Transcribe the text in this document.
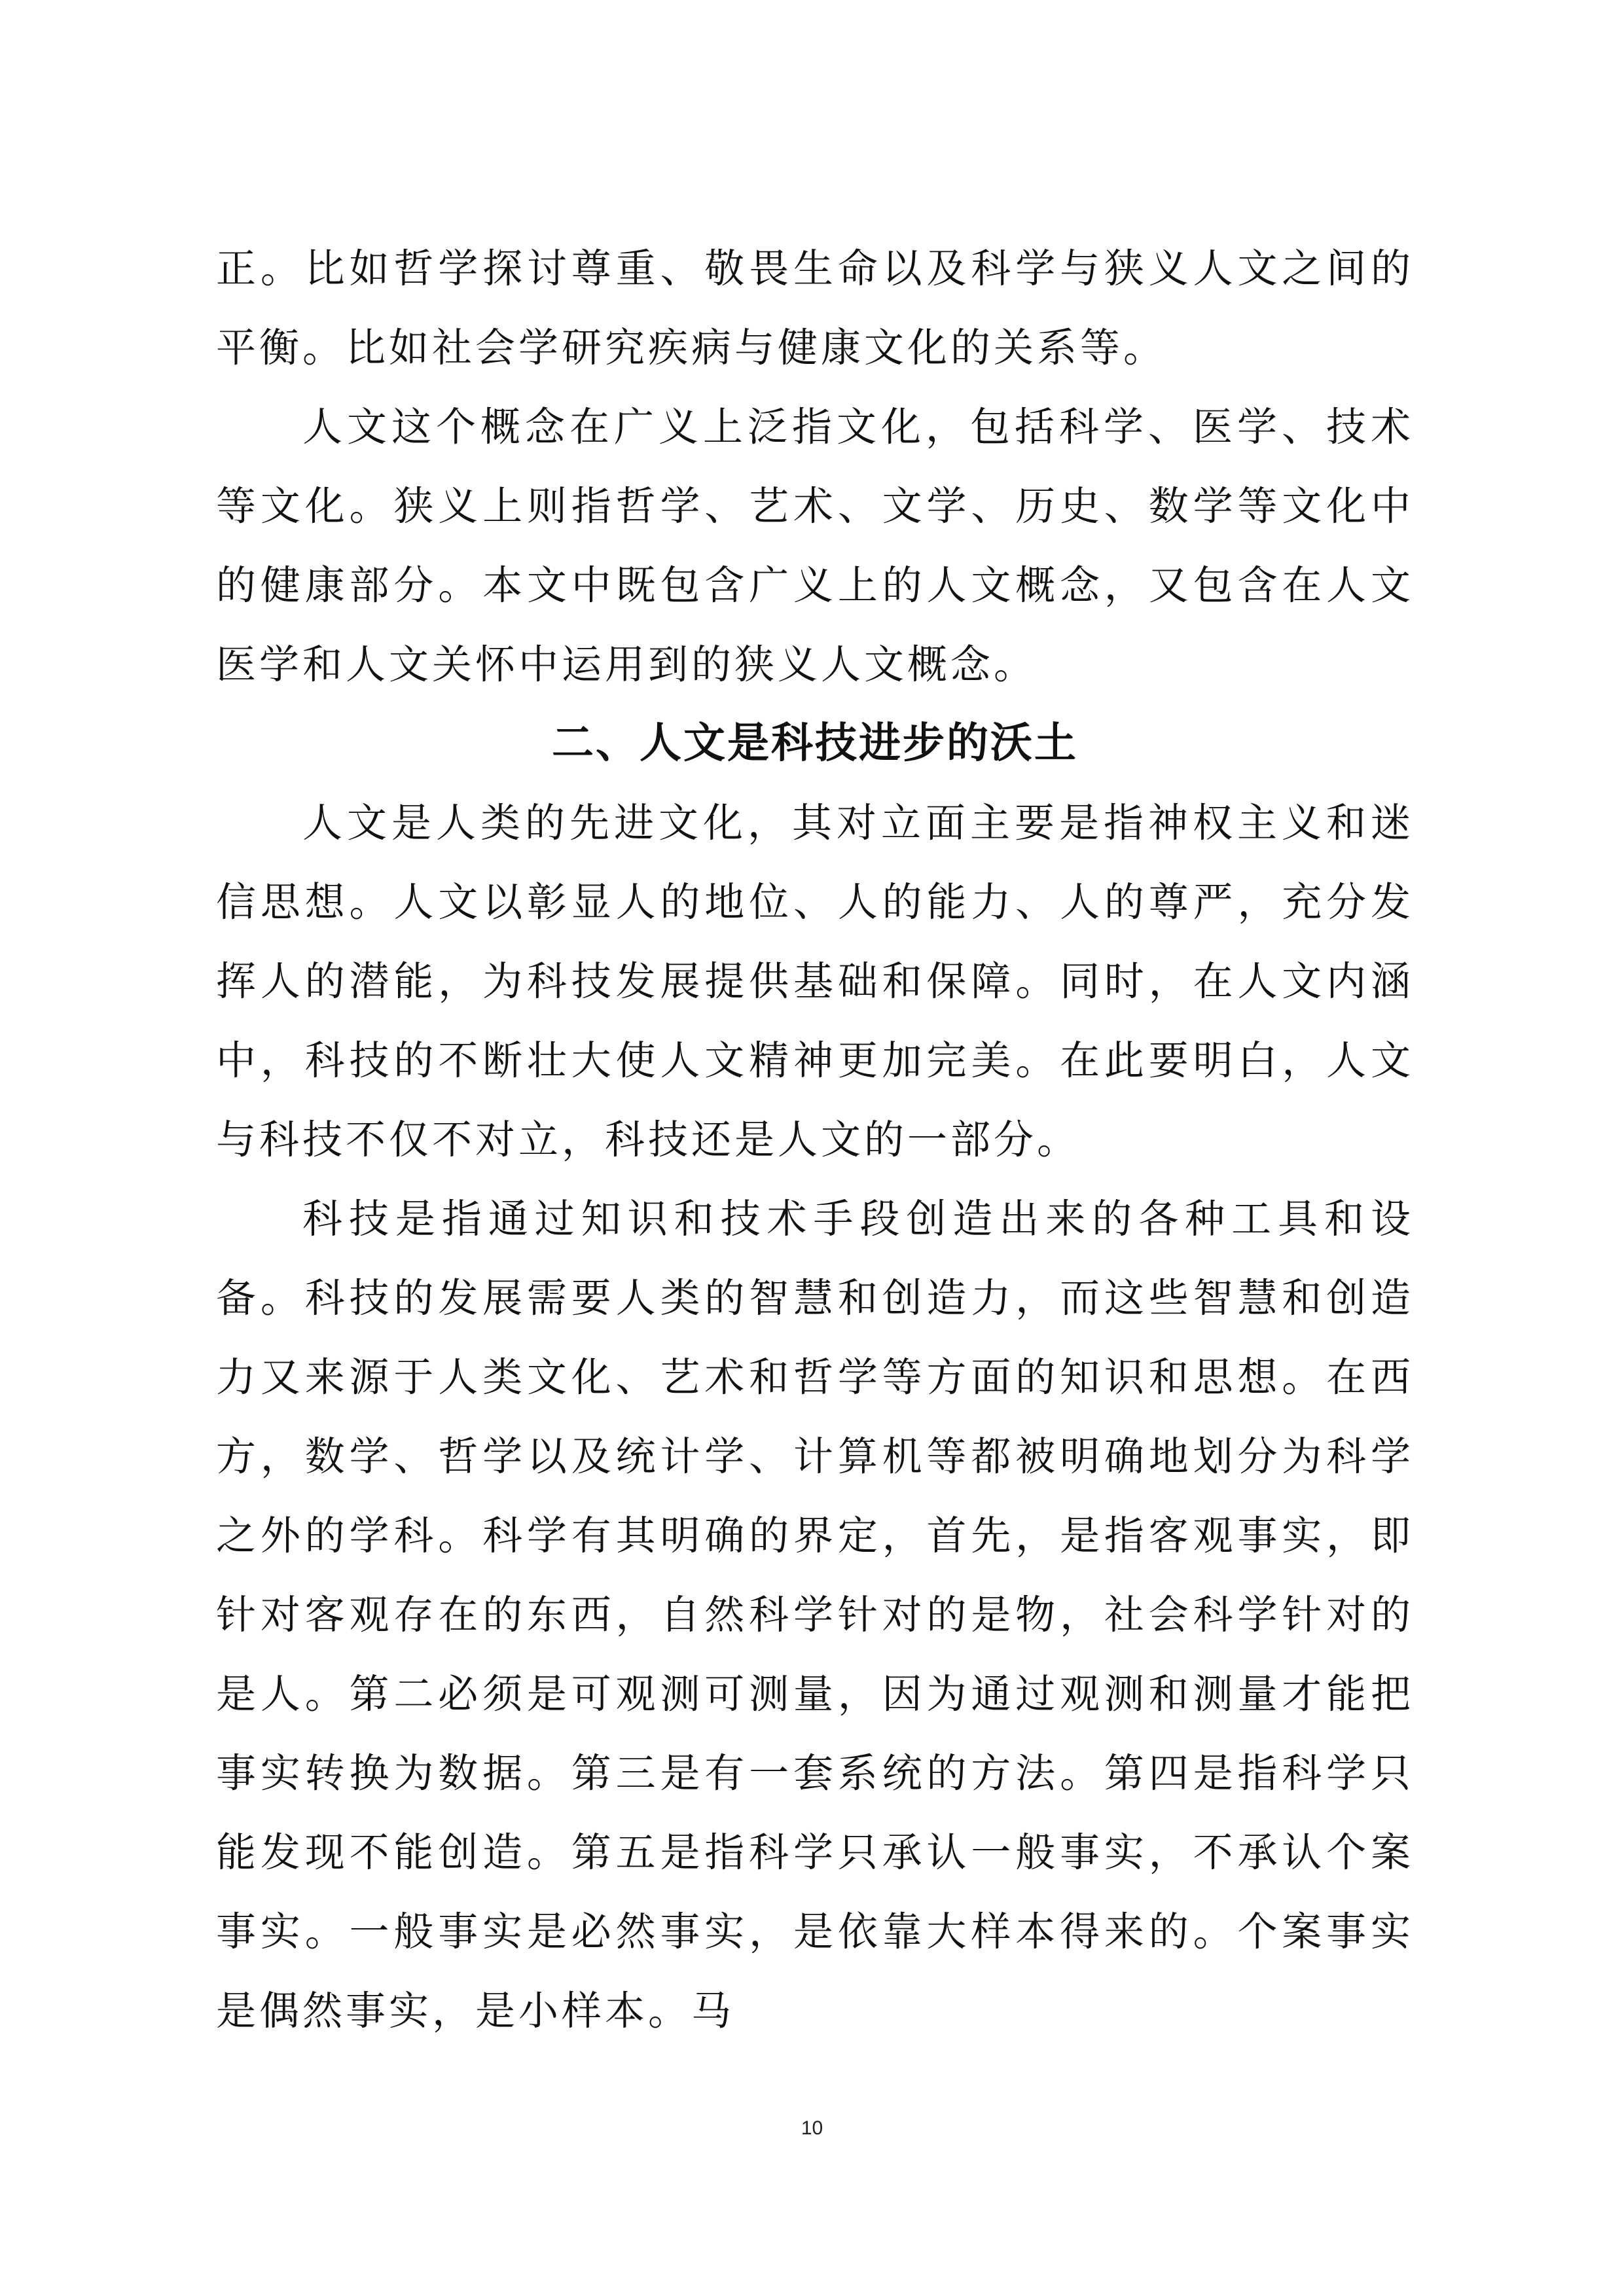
正。比如哲学探讨尊重、敬畏生命以及科学与狭义人文之间的平衡。比如社会学研究疾病与健康文化的关系等。

人文这个概念在广义上泛指文化，包括科学、医学、技术等文化。狭义上则指哲学、艺术、文学、历史、数学等文化中的健康部分。本文中既包含广义上的人文概念，又包含在人文医学和人文关怀中运用到的狭义人文概念。

二、人文是科技进步的沃土

人文是人类的先进文化，其对立面主要是指神权主义和迷信思想。人文以彰显人的地位、人的能力、人的尊严，充分发挥人的潜能，为科技发展提供基础和保障。同时，在人文内涵中，科技的不断壮大使人文精神更加完美。在此要明白，人文与科技不仅不对立，科技还是人文的一部分。

科技是指通过知识和技术手段创造出来的各种工具和设备。科技的发展需要人类的智慧和创造力，而这些智慧和创造力又来源于人类文化、艺术和哲学等方面的知识和思想。在西方，数学、哲学以及统计学、计算机等都被明确地划分为科学之外的学科。科学有其明确的界定，首先，是指客观事实，即针对客观存在的东西，自然科学针对的是物，社会科学针对的是人。第二必须是可观测可测量，因为通过观测和测量才能把事实转换为数据。第三是有一套系统的方法。第四是指科学只能发现不能创造。第五是指科学只承认一般事实，不承认个案事实。一般事实是必然事实，是依靠大样本得来的。个案事实是偶然事实，是小样本。马

10
